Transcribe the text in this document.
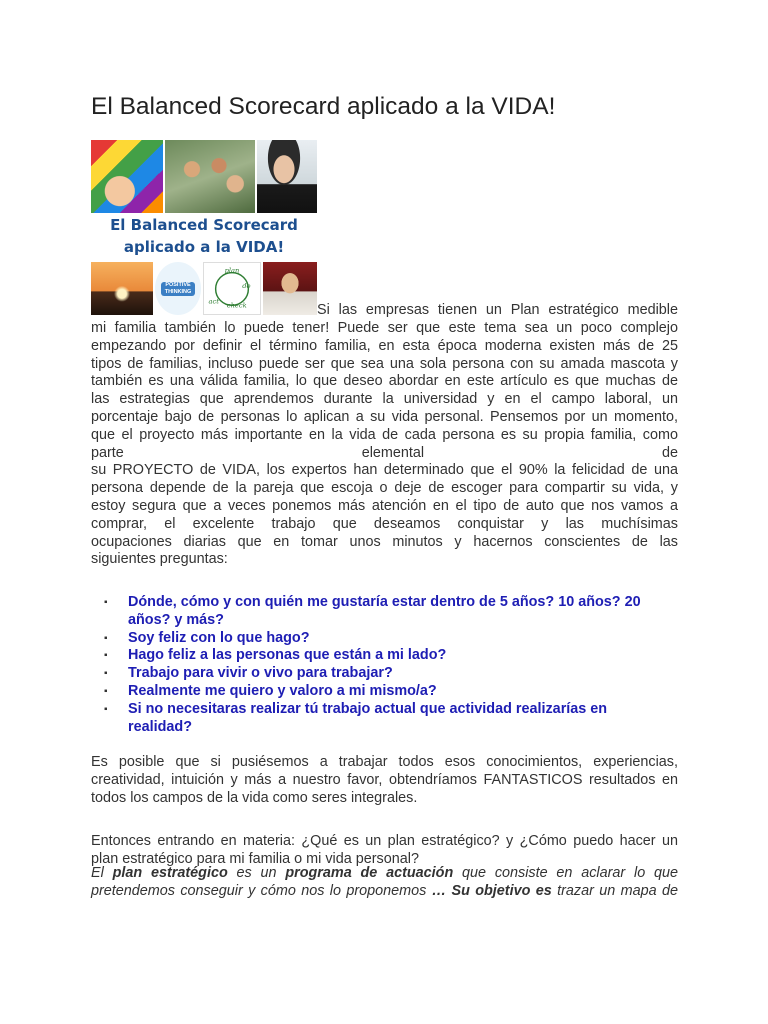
El Balanced Scorecard aplicado a la VIDA!
El Balanced Scorecard
aplicado a la VIDA!
POSITIVE THINKING
plan
do
check
act
Si las empresas tienen un Plan estratégico medible
mi familia también lo puede tener! Puede ser que este tema sea un poco complejo
empezando por definir el término familia, en esta época moderna existen más de 25
tipos de familias, incluso puede ser que sea una sola persona con su amada mascota y
también es una válida familia, lo que deseo abordar en este artículo es que muchas de
las estrategias que aprendemos durante la universidad y en el campo laboral, un
porcentaje bajo de personas lo aplican a su vida personal. Pensemos por un momento,
que el proyecto más importante en la vida de cada persona es su propia familia, como
parte elemental de
su PROYECTO de VIDA, los expertos han determinado que el 90% la felicidad de una
persona depende de la pareja que escoja o deje de escoger para compartir su vida, y
estoy segura que a veces ponemos más atención en el tipo de auto que nos vamos a
comprar, el excelente trabajo que deseamos conquistar y las muchísimas
ocupaciones diarias que en tomar unos minutos y hacernos conscientes de las
siguientes preguntas:
▪ Dónde, cómo y con quién me gustaría estar dentro de 5 años? 10 años? 20
años? y más?
▪ Soy feliz con lo que hago?
▪ Hago feliz a las personas que están a mi lado?
▪ Trabajo para vivir o vivo para trabajar?
▪ Realmente me quiero y valoro a mi mismo/a?
▪ Si no necesitaras realizar tú trabajo actual que actividad realizarías en
realidad?
Es posible que si pusiésemos a trabajar todos esos conocimientos, experiencias,
creatividad, intuición y más a nuestro favor, obtendríamos FANTASTICOS resultados en
todos los campos de la vida como seres integrales.
Entonces entrando en materia: ¿Qué es un plan estratégico? y ¿Cómo puedo hacer un
plan estratégico para mi familia o mi vida personal?
El plan estratégico es un programa de actuación que consiste en aclarar lo que
pretendemos conseguir y cómo nos lo proponemos … Su objetivo es trazar un mapa de
